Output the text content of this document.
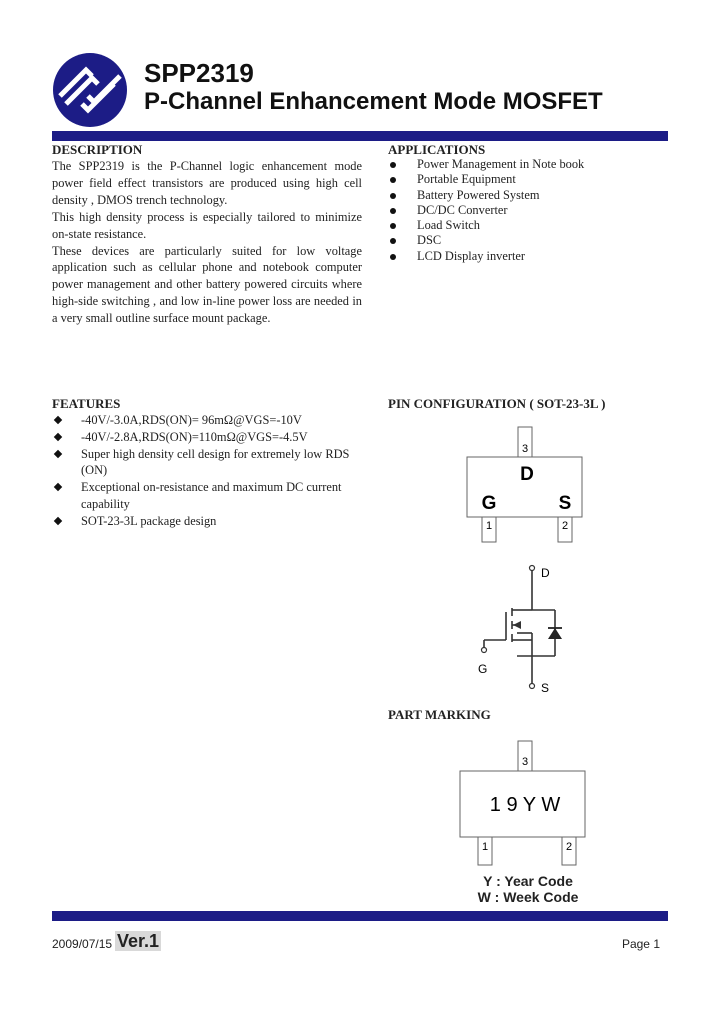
SPP2319
P-Channel Enhancement Mode MOSFET
DESCRIPTION

The SPP2319 is the P-Channel logic enhancement mode power field effect transistors are produced using high cell density , DMOS trench technology.

This high density process is especially tailored to minimize on-state resistance.

These devices are particularly suited for low voltage application such as cellular phone and notebook computer power management and other battery powered circuits where high-side switching , and low in-line power loss are needed in a very small outline surface mount package.

APPLICATIONS
Power Management in Note book
Portable Equipment
Battery Powered System
DC/DC Converter
Load Switch
DSC
LCD Display inverter
FEATURES
-40V/-3.0A,RDS(ON)= 96mΩ@VGS=-10V
-40V/-2.8A,RDS(ON)=110mΩ@VGS=-4.5V
Super high density cell design for extremely low RDS (ON)
Exceptional on-resistance and maximum DC current capability
SOT-23-3L package design
PIN CONFIGURATION ( SOT-23-3L )
3
1	2
D
G	S
D
G
S
PART MARKING
3
1	2
1 9 Y W
Y : Year Code
W : Week Code
2009/07/15 Ver.1	Page 1
